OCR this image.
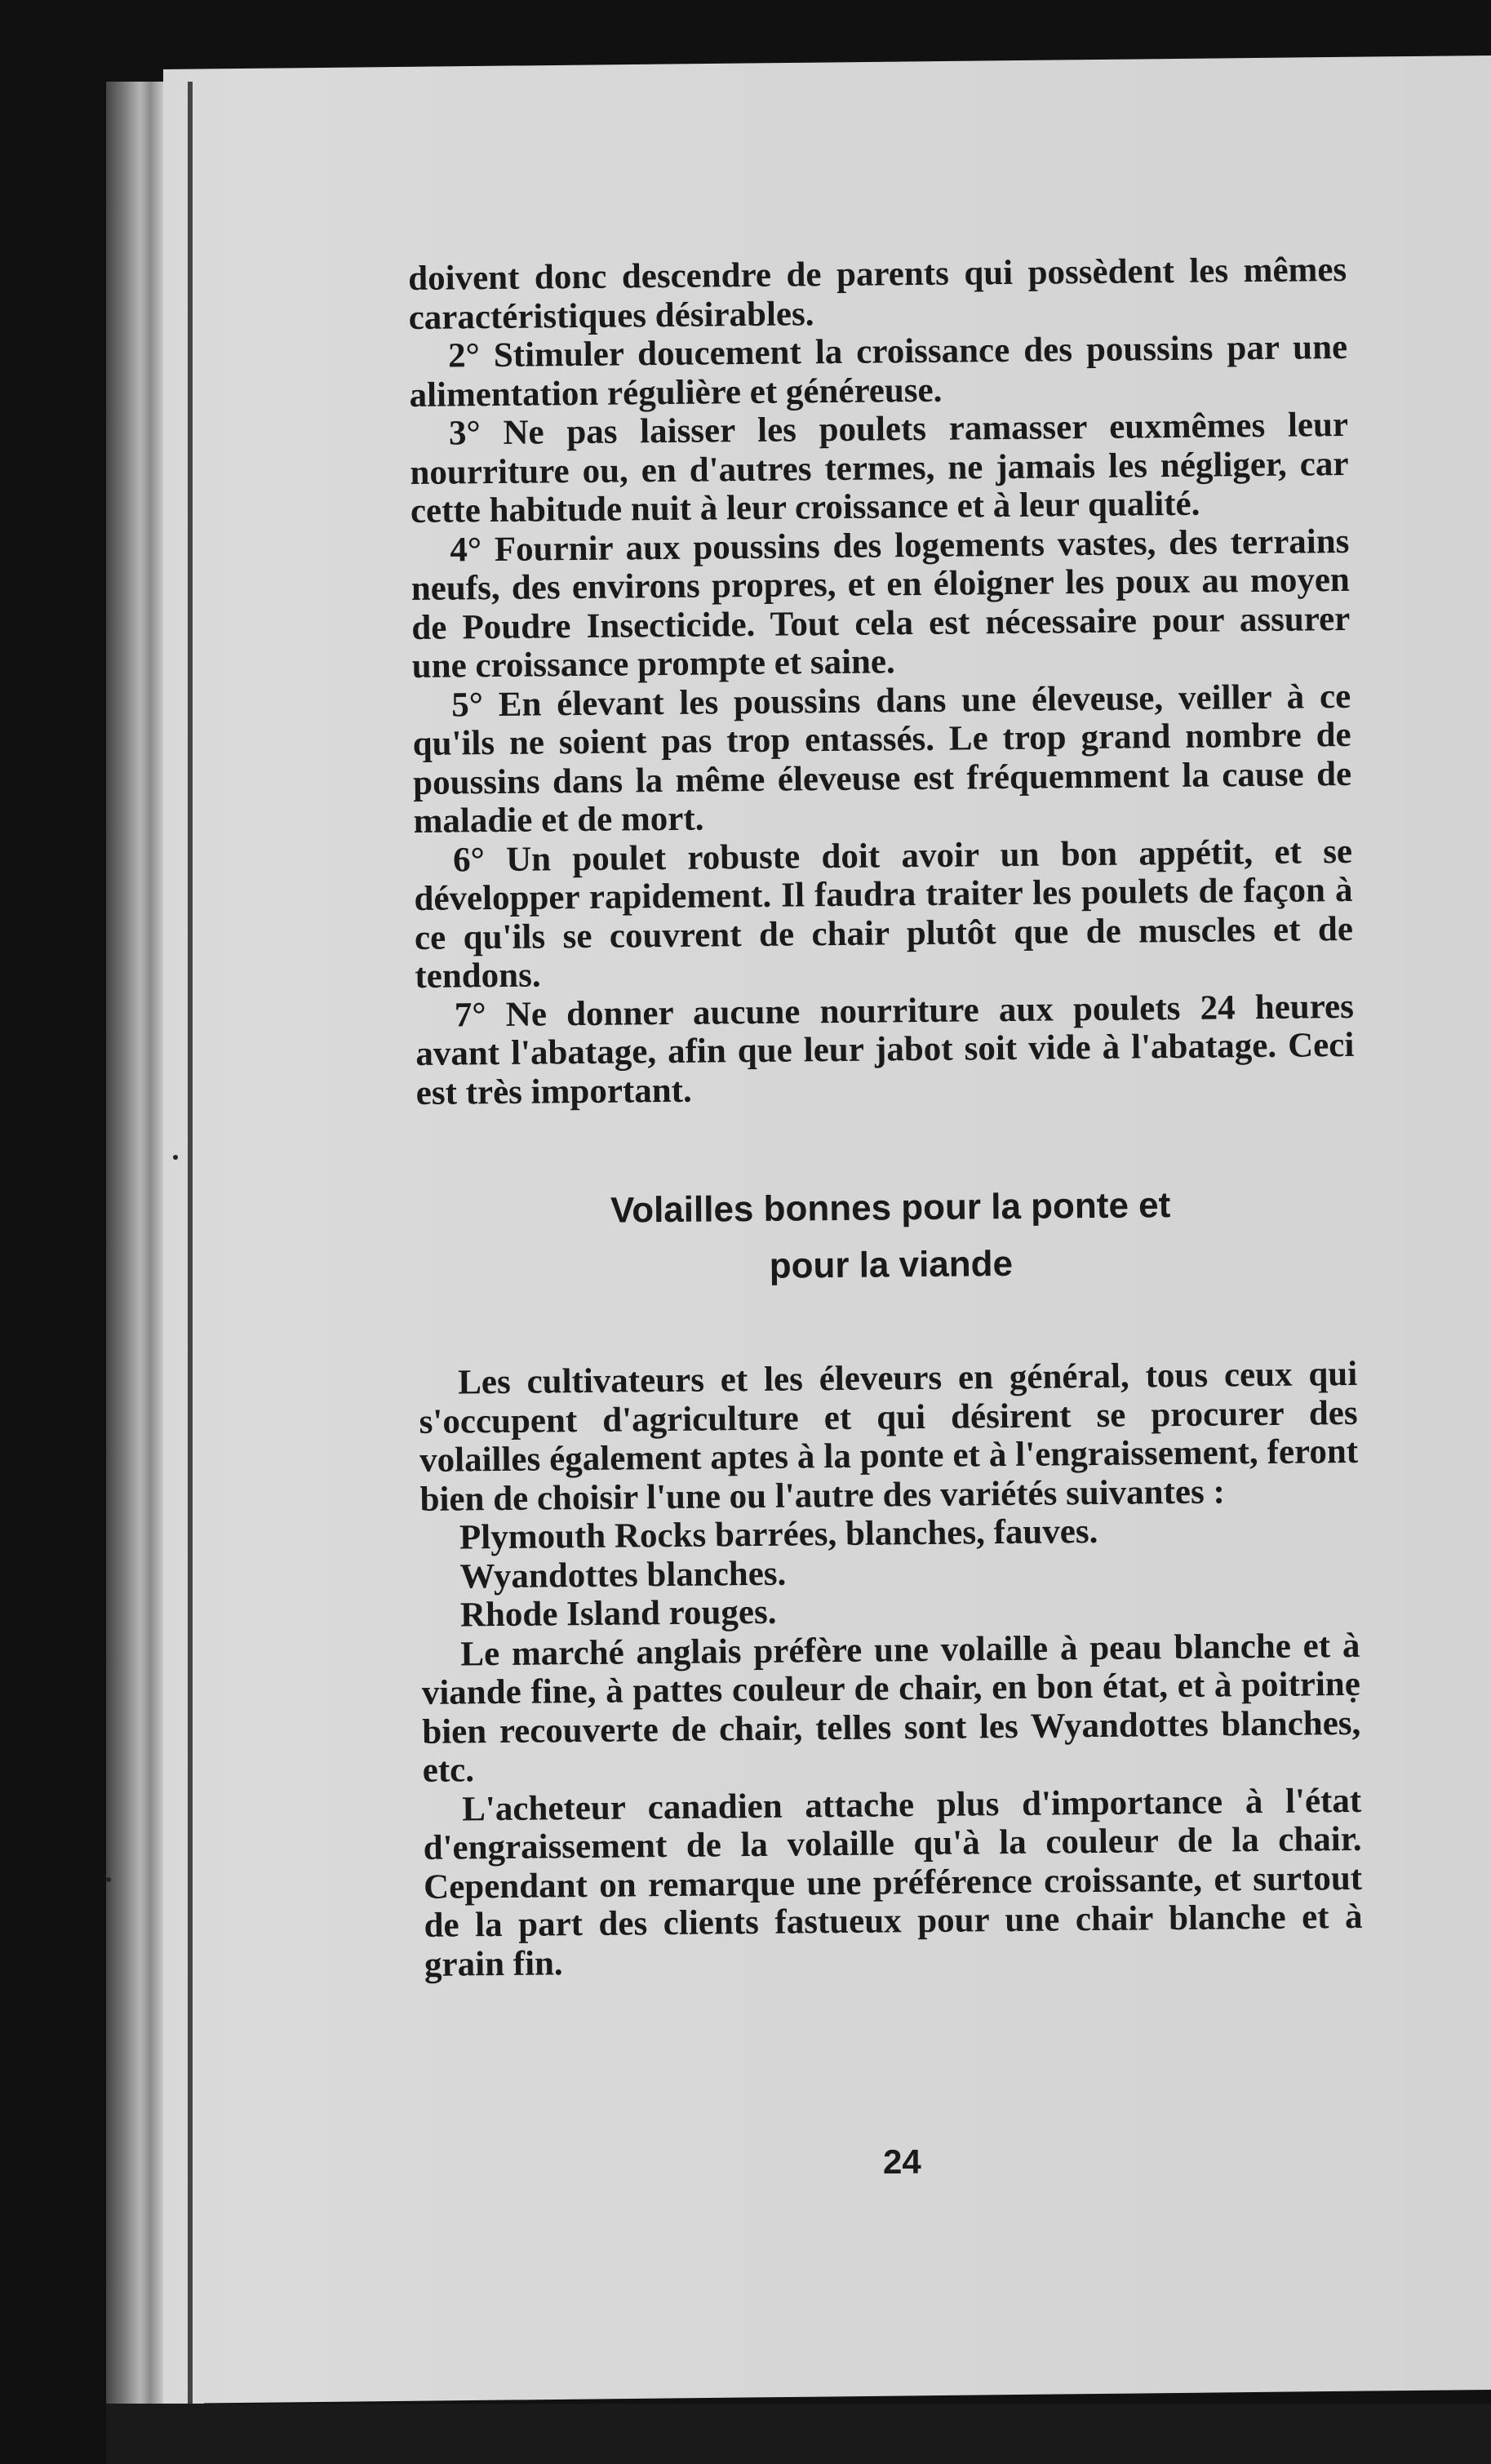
doivent donc descendre de parents qui possèdent les mêmes caractéristiques désirables.

2° Stimuler doucement la croissance des poussins par une alimentation régulière et généreuse.

3° Ne pas laisser les poulets ramasser euxmêmes leur nourriture ou, en d'autres termes, ne jamais les négliger, car cette habitude nuit à leur croissance et à leur qualité.

4° Fournir aux poussins des logements vastes, des terrains neufs, des environs propres, et en éloigner les poux au moyen de Poudre Insecticide. Tout cela est nécessaire pour assurer une croissance prompte et saine.

5° En élevant les poussins dans une éleveuse, veiller à ce qu'ils ne soient pas trop entassés. Le trop grand nombre de poussins dans la même éleveuse est fréquemment la cause de maladie et de mort.

6° Un poulet robuste doit avoir un bon appétit, et se développer rapidement. Il faudra traiter les poulets de façon à ce qu'ils se couvrent de chair plutôt que de muscles et de tendons.

7° Ne donner aucune nourriture aux poulets 24 heures avant l'abatage, afin que leur jabot soit vide à l'abatage. Ceci est très important.

Volailles bonnes pour la ponte et
pour la viande

Les cultivateurs et les éleveurs en général, tous ceux qui s'occupent d'agriculture et qui désirent se procurer des volailles également aptes à la ponte et à l'engraissement, feront bien de choisir l'une ou l'autre des variétés suivantes :

Plymouth Rocks barrées, blanches, fauves.

Wyandottes blanches.

Rhode Island rouges.

Le marché anglais préfère une volaille à peau blanche et à viande fine, à pattes couleur de chair, en bon état, et à poitrine bien recouverte de chair, telles sont les Wyandottes blanches, etc.

L'acheteur canadien attache plus d'importance à l'état d'engraissement de la volaille qu'à la couleur de la chair. Cependant on remarque une préférence croissante, et surtout de la part des clients fastueux pour une chair blanche et à grain fin.

24
